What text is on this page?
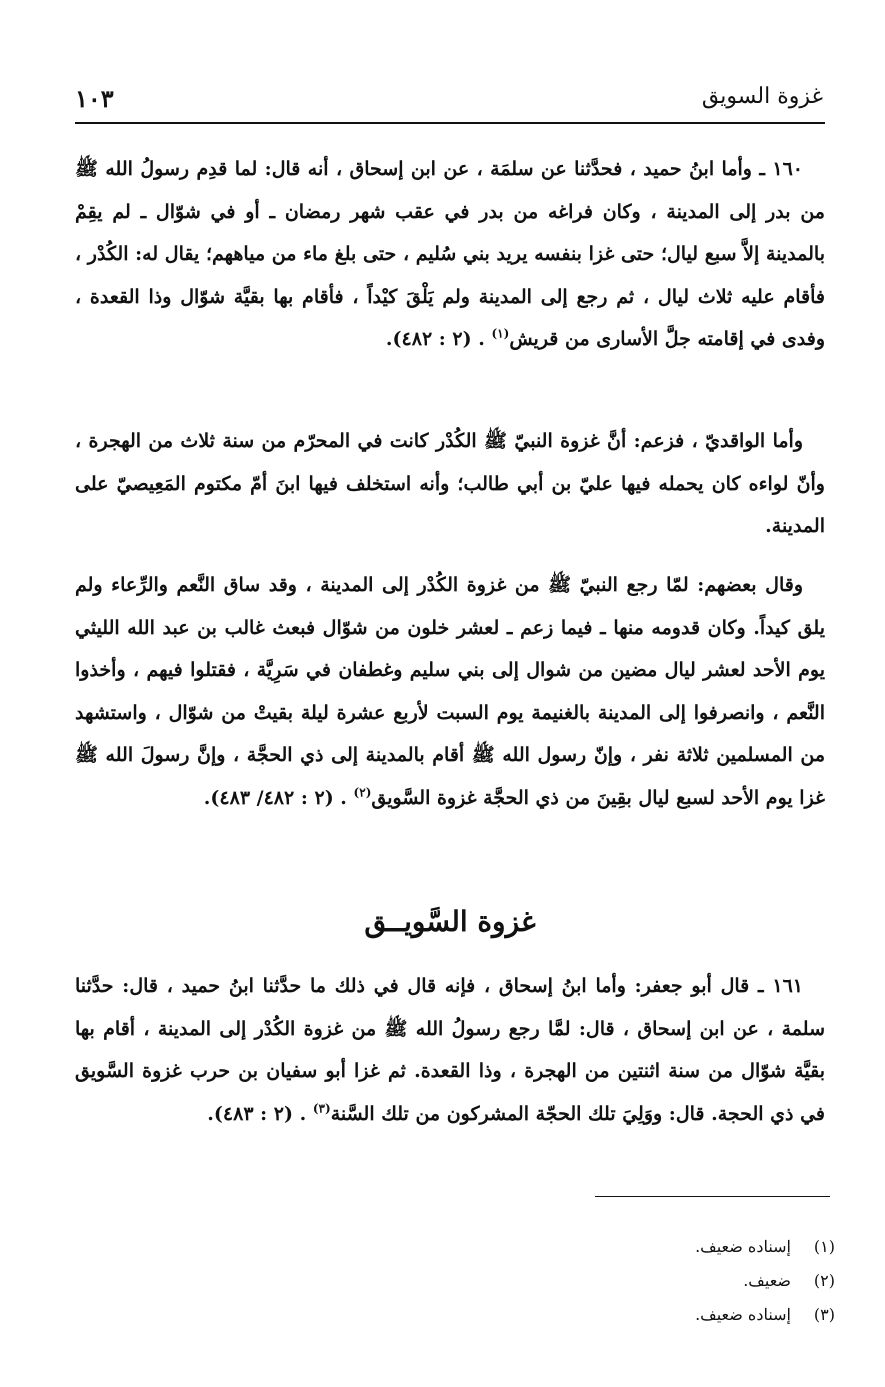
غزوة السويق
١٠٣

١٦٠ ـ وأما ابنُ حميد ، فحدَّثنا عن سلمَة ، عن ابن إسحاق ، أنه قال: لما قدِم رسولُ الله ﷺ من بدر إلى المدينة ، وكان فراغه من بدر في عقب شهر رمضان ـ أو في شوّال ـ لم يقِمْ بالمدينة إلاَّ سبع ليال؛ حتى غزا بنفسه يريد بني سُليم ، حتى بلغ ماء من مياههم؛ يقال له: الكُدْر ، فأقام عليه ثلاث ليال ، ثم رجع إلى المدينة ولم يَلْقَ كيْداً ، فأقام بها بقيَّة شوّال وذا القعدة ، وفدى في إقامته جلَّ الأسارى من قريش$^{(١)}$ . (٢ : ٤٨٢).

وأما الواقديّ ، فزعم: أنَّ غزوة النبيّ ﷺ الكُدْر كانت في المحرّم من سنة ثلاث من الهجرة ، وأنّ لواءه كان يحمله فيها عليّ بن أبي طالب؛ وأنه استخلف فيها ابنَ أمّ مكتوم المَعِيصيّ على المدينة.

وقال بعضهم: لمّا رجع النبيّ ﷺ من غزوة الكُدْر إلى المدينة ، وقد ساق النَّعم والرِّعاء ولم يلق كيداً. وكان قدومه منها ـ فيما زعم ـ لعشر خلون من شوّال فبعث غالب بن عبد الله الليثي يوم الأحد لعشر ليال مضين من شوال إلى بني سليم وغطفان في سَرِيَّة ، فقتلوا فيهم ، وأخذوا النَّعم ، وانصرفوا إلى المدينة بالغنيمة يوم السبت لأربع عشرة ليلة بقيتْ من شوّال ، واستشهد من المسلمين ثلاثة نفر ، وإنّ رسول الله ﷺ أقام بالمدينة إلى ذي الحجَّة ، وإنَّ رسولَ الله ﷺ غزا يوم الأحد لسبع ليال بقِينَ من ذي الحجَّة غزوة السَّويق$^{(٢)}$ . (٢ : ٤٨٢/ ٤٨٣).

غزوة السَّويــق

١٦١ ـ قال أبو جعفر: وأما ابنُ إسحاق ، فإنه قال في ذلك ما حدَّثنا ابنُ حميد ، قال: حدَّثنا سلمة ، عن ابن إسحاق ، قال: لمَّا رجع رسولُ الله ﷺ من غزوة الكُدْر إلى المدينة ، أقام بها بقيَّة شوّال من سنة اثنتين من الهجرة ، وذا القعدة. ثم غزا أبو سفيان بن حرب غزوة السَّويق في ذي الحجة. قال: ووَلِيَ تلك الحجّة المشركون من تلك السَّنة$^{(٣)}$ . (٢ : ٤٨٣).

(١)
إسناده ضعيف.
(٢)
ضعيف.
(٣)
إسناده ضعيف.
